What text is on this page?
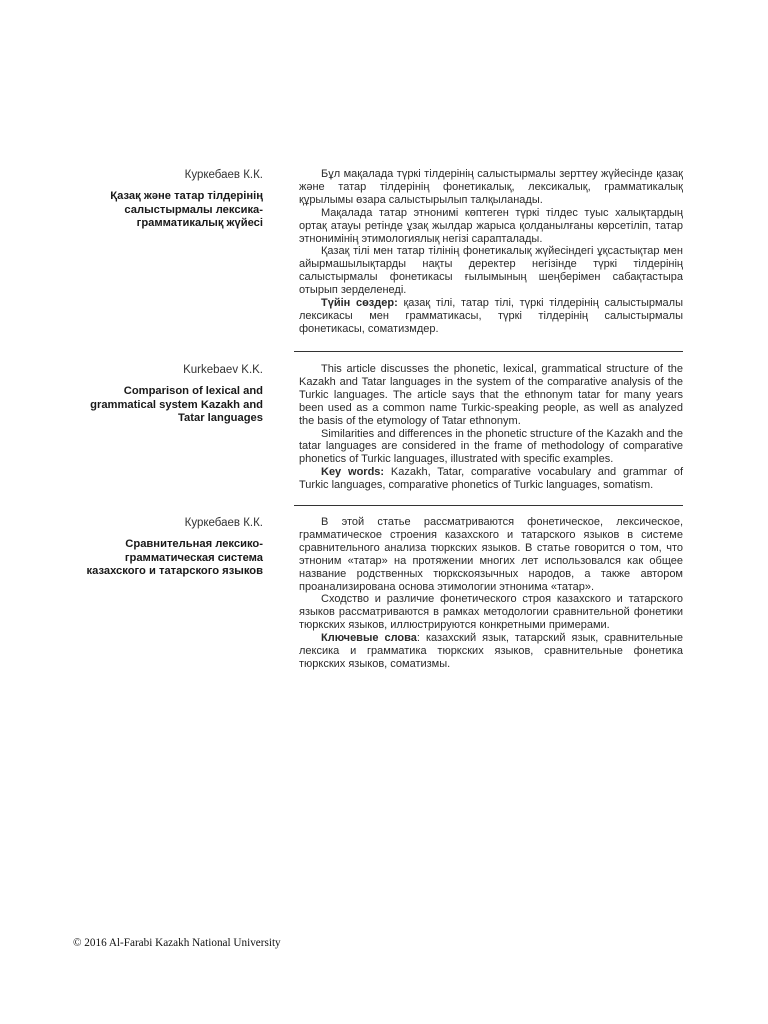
Куркебаев К.К.
Қазақ және татар тілдерінің салыстырмалы лексика-грамматикалық жүйесі

Бұл мақалада түркі тілдерінің салыстырмалы зерттеу жүйесінде қазақ және татар тілдерінің фонетикалық, лексикалық, грамматикалық құрылымы өзара салыстырылып талқыланады.

Мақалада татар этнонимі көптеген түркі тілдес туыс халықтардың ортақ атауы ретінде ұзақ жылдар жарыса қолданылғаны көрсетіліп, татар этнонимінің этимологиялық негізі сарапталады.

Қазақ тілі мен татар тілінің фонетикалық жүйесіндегі ұқсастықтар мен айырмашылықтарды нақты деректер негізінде түркі тілдерінің салыстырмалы фонетикасы ғылымының шеңберімен сабақтастыра отырып зерделенеді.

Түйін сөздер: қазақ тілі, татар тілі, түркі тілдерінің салыстырмалы лексикасы мен грамматикасы, түркі тілдерінің салыстырмалы фонетикасы, соматизмдер.

Kurkebaev K.K.
Comparison of lexical and grammatical system Kazakh and Tatar languages

This article discusses the phonetic, lexical, grammatical structure of the Kazakh and Tatar languages in the system of the comparative analysis of the Turkic languages. The article says that the ethnonym tatar for many years been used as a common name Turkic-speaking people, as well as analyzed the basis of the etymology of Tatar ethnonym.

Similarities and differences in the phonetic structure of the Kazakh and the tatar languages are considered in the frame of methodology of comparative phonetics of Turkic languages, illustrated with specific examples.

Key words: Kazakh, Tatar, comparative vocabulary and grammar of Turkic languages, comparative phonetics of Turkic languages, somatism.

Куркебаев К.К.
Сравнительная лексико-грамматическая система казахского и татарского языков

В этой статье рассматриваются фонетическое, лексическое, грамматическое строения казахского и татарского языков в системе сравнительного анализа тюркских языков. В статье говорится о том, что этноним «татар» на протяжении многих лет использовался как общее название родственных тюркскоязычных народов, а также автором проанализирована основа этимологии этнонима «татар».

Сходство и различие фонетического строя казахского и татарского языков рассматриваются в рамках методологии сравнительной фонетики тюркских языков, иллюстрируются конкретными примерами.

Ключевые слова: казахский язык, татарский язык, сравнительные лексика и грамматика тюркских языков, сравнительные фонетика тюркских языков, соматизмы.

© 2016 Al-Farabi Kazakh National University
